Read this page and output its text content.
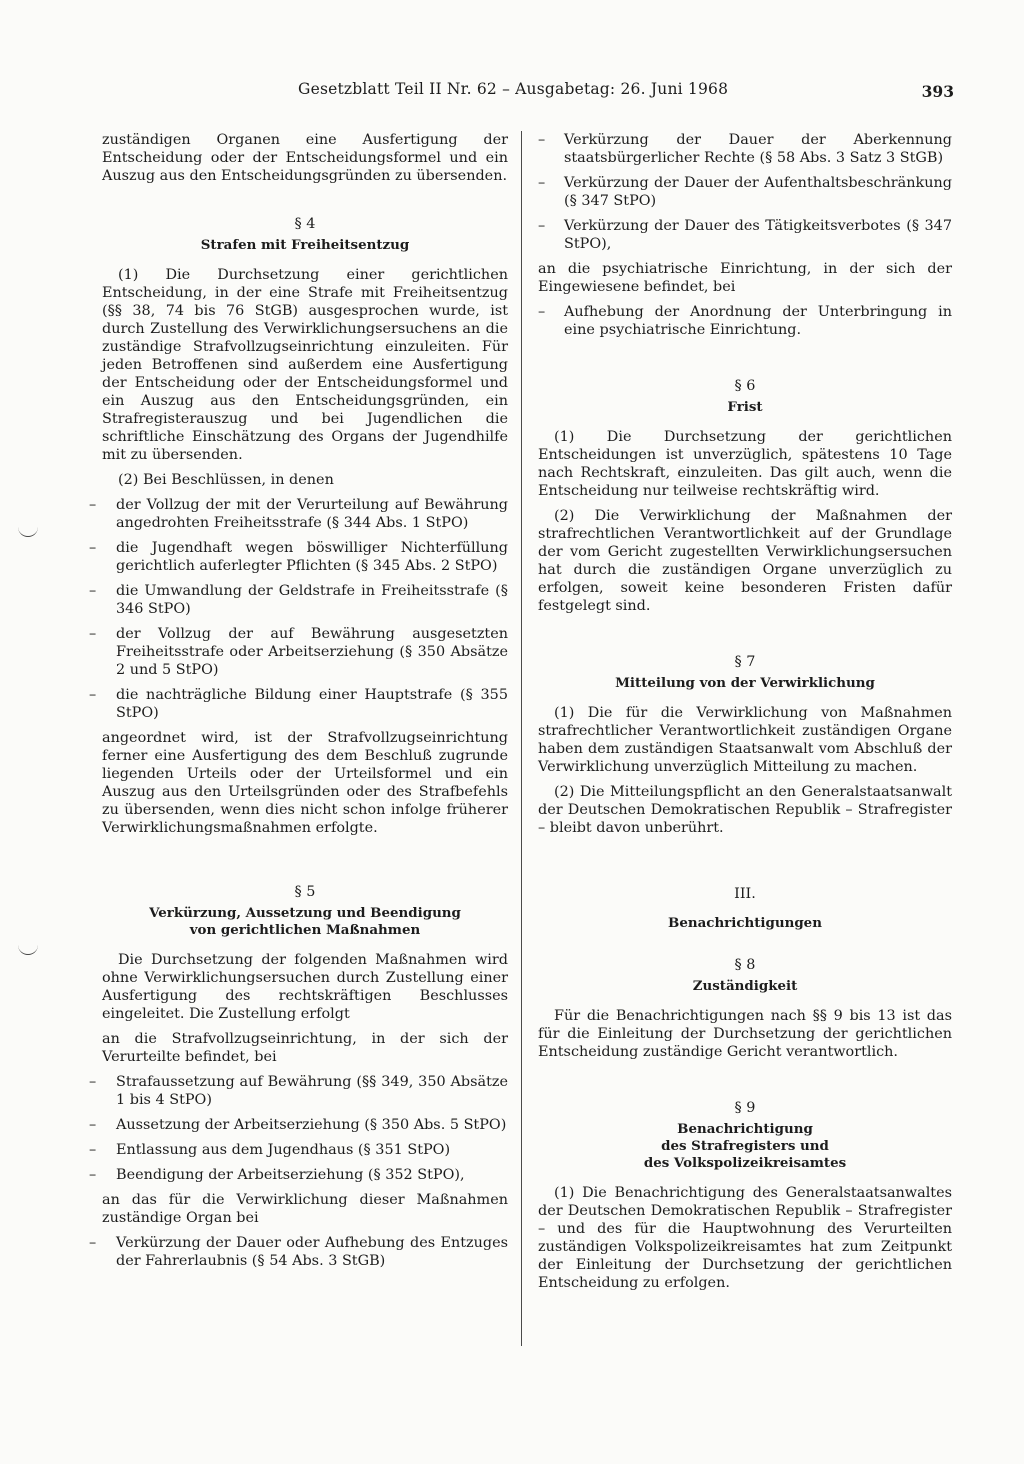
Gesetzblatt Teil II Nr. 62 – Ausgabetag: 26. Juni 1968	393

zuständigen Organen eine Ausfertigung der Entscheidung oder der Entscheidungsformel und ein Auszug aus den Entscheidungsgründen zu übersenden.

§ 4
Strafen mit Freiheitsentzug

(1) Die Durchsetzung einer gerichtlichen Entscheidung, in der eine Strafe mit Freiheitsentzug (§§ 38, 74 bis 76 StGB) ausgesprochen wurde, ist durch Zustellung des Verwirklichungsersuchens an die zuständige Strafvollzugseinrichtung einzuleiten. Für jeden Betroffenen sind außerdem eine Ausfertigung der Entscheidung oder der Entscheidungsformel und ein Auszug aus den Entscheidungsgründen, ein Strafregisterauszug und bei Jugendlichen die schriftliche Einschätzung des Organs der Jugendhilfe mit zu übersenden.

(2) Bei Beschlüssen, in denen

– der Vollzug der mit der Verurteilung auf Bewährung angedrohten Freiheitsstrafe (§ 344 Abs. 1 StPO)
– die Jugendhaft wegen böswilliger Nichterfüllung gerichtlich auferlegter Pflichten (§ 345 Abs. 2 StPO)
– die Umwandlung der Geldstrafe in Freiheitsstrafe (§ 346 StPO)
– der Vollzug der auf Bewährung ausgesetzten Freiheitsstrafe oder Arbeitserziehung (§ 350 Absätze 2 und 5 StPO)
– die nachträgliche Bildung einer Hauptstrafe (§ 355 StPO)

angeordnet wird, ist der Strafvollzugseinrichtung ferner eine Ausfertigung des dem Beschluß zugrunde liegenden Urteils oder der Urteilsformel und ein Auszug aus den Urteilsgründen oder des Strafbefehls zu übersenden, wenn dies nicht schon infolge früherer Verwirklichungsmaßnahmen erfolgte.

§ 5
Verkürzung, Aussetzung und Beendigung
von gerichtlichen Maßnahmen

Die Durchsetzung der folgenden Maßnahmen wird ohne Verwirklichungsersuchen durch Zustellung einer Ausfertigung des rechtskräftigen Beschlusses eingeleitet. Die Zustellung erfolgt

an die Strafvollzugseinrichtung, in der sich der Verurteilte befindet, bei

– Strafaussetzung auf Bewährung (§§ 349, 350 Absätze 1 bis 4 StPO)
– Aussetzung der Arbeitserziehung (§ 350 Abs. 5 StPO)
– Entlassung aus dem Jugendhaus (§ 351 StPO)
– Beendigung der Arbeitserziehung (§ 352 StPO),

an das für die Verwirklichung dieser Maßnahmen zuständige Organ bei

– Verkürzung der Dauer oder Aufhebung des Entzuges der Fahrerlaubnis (§ 54 Abs. 3 StGB)
– Verkürzung der Dauer der Aberkennung staatsbürgerlicher Rechte (§ 58 Abs. 3 Satz 3 StGB)
– Verkürzung der Dauer der Aufenthaltsbeschränkung (§ 347 StPO)
– Verkürzung der Dauer des Tätigkeitsverbotes (§ 347 StPO),

an die psychiatrische Einrichtung, in der sich der Eingewiesene befindet, bei

– Aufhebung der Anordnung der Unterbringung in eine psychiatrische Einrichtung.
§ 6
Frist

(1) Die Durchsetzung der gerichtlichen Entscheidungen ist unverzüglich, spätestens 10 Tage nach Rechtskraft, einzuleiten. Das gilt auch, wenn die Entscheidung nur teilweise rechtskräftig wird.

(2) Die Verwirklichung der Maßnahmen der strafrechtlichen Verantwortlichkeit auf der Grundlage der vom Gericht zugestellten Verwirklichungsersuchen hat durch die zuständigen Organe unverzüglich zu erfolgen, soweit keine besonderen Fristen dafür festgelegt sind.

§ 7
Mitteilung von der Verwirklichung

(1) Die für die Verwirklichung von Maßnahmen strafrechtlicher Verantwortlichkeit zuständigen Organe haben dem zuständigen Staatsanwalt vom Abschluß der Verwirklichung unverzüglich Mitteilung zu machen.

(2) Die Mitteilungspflicht an den Generalstaatsanwalt der Deutschen Demokratischen Republik – Strafregister – bleibt davon unberührt.

III.
Benachrichtigungen
§ 8
Zuständigkeit

Für die Benachrichtigungen nach §§ 9 bis 13 ist das für die Einleitung der Durchsetzung der gerichtlichen Entscheidung zuständige Gericht verantwortlich.

§ 9
Benachrichtigung
des Strafregisters und
des Volkspolizeikreisamtes

(1) Die Benachrichtigung des Generalstaatsanwaltes der Deutschen Demokratischen Republik – Strafregister – und des für die Hauptwohnung des Verurteilten zuständigen Volkspolizeikreisamtes hat zum Zeitpunkt der Einleitung der Durchsetzung der gerichtlichen Entscheidung zu erfolgen.
